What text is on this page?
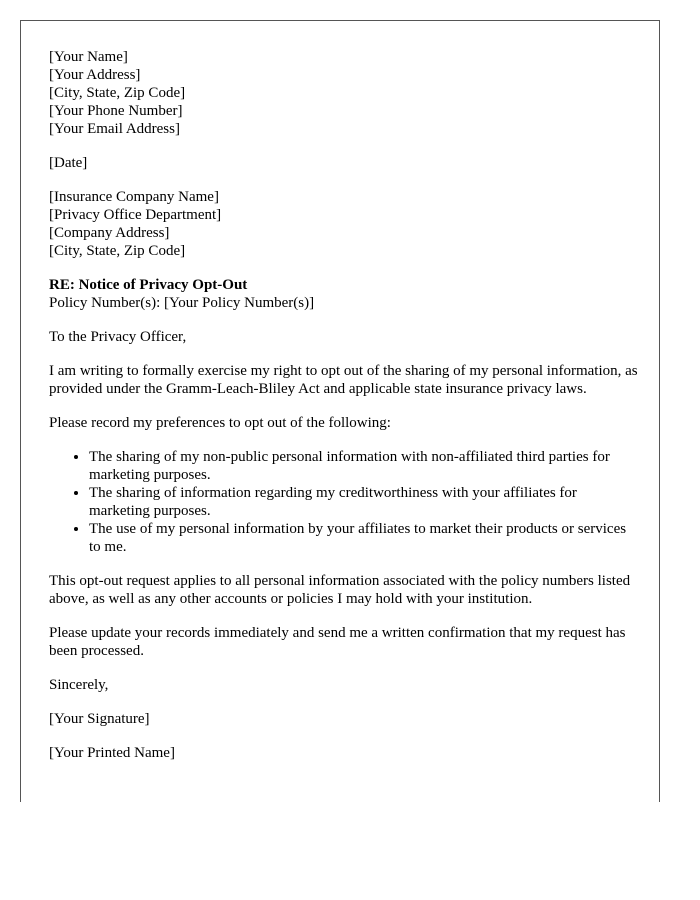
[Your Name]
[Your Address]
[City, State, Zip Code]
[Your Phone Number]
[Your Email Address]
[Date]
[Insurance Company Name]
[Privacy Office Department]
[Company Address]
[City, State, Zip Code]
RE: Notice of Privacy Opt-Out
Policy Number(s): [Your Policy Number(s)]

To the Privacy Officer,

I am writing to formally exercise my right to opt out of the sharing of my personal information, as provided under the Gramm-Leach-Bliley Act and applicable state insurance privacy laws.

Please record my preferences to opt out of the following:

• The sharing of my non-public personal information with non-affiliated third parties for marketing purposes.
• The sharing of information regarding my creditworthiness with your affiliates for marketing purposes.
• The use of my personal information by your affiliates to market their products or services to me.

This opt-out request applies to all personal information associated with the policy numbers listed above, as well as any other accounts or policies I may hold with your institution.

Please update your records immediately and send me a written confirmation that my request has been processed.

Sincerely,

[Your Signature]

[Your Printed Name]
